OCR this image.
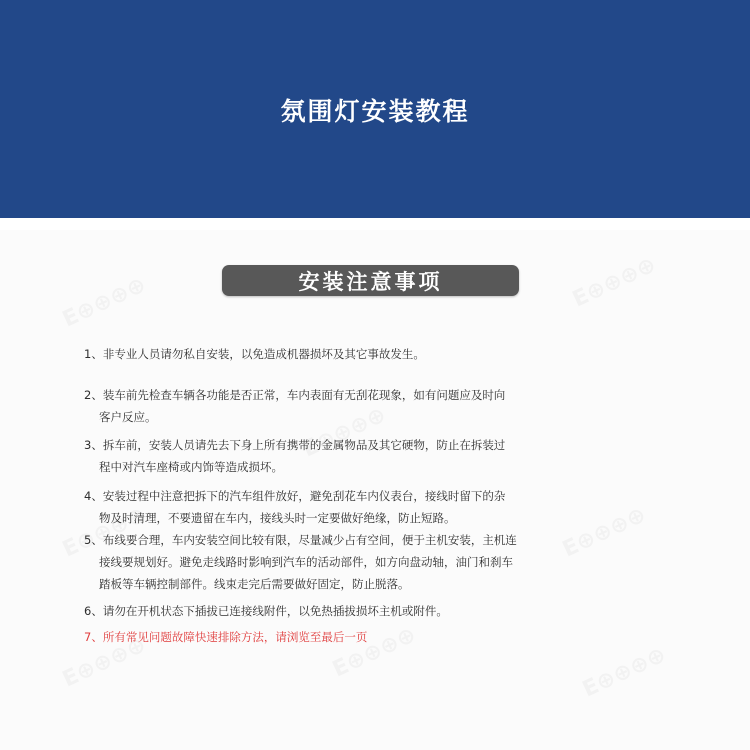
氛围灯安装教程
安装注意事项
1、非专业人员请勿私自安装，以免造成机器损坏及其它事故发生。
2、装车前先检查车辆各功能是否正常，车内表面有无刮花现象，如有问题应及时向
客户反应。
3、拆车前，安装人员请先去下身上所有携带的金属物品及其它硬物，防止在拆装过
程中对汽车座椅或内饰等造成损坏。
4、安装过程中注意把拆下的汽车组件放好，避免刮花车内仪表台，接线时留下的杂
物及时清理，不要遗留在车内，接线头时一定要做好绝缘，防止短路。
5、布线要合理，车内安装空间比较有限，尽量减少占有空间，便于主机安装，主机连
接线要规划好。避免走线路时影响到汽车的活动部件，如方向盘动轴，油门和刹车
踏板等车辆控制部件。线束走完后需要做好固定，防止脱落。
6、请勿在开机状态下插拔已连接线附件，以免热插拔损坏主机或附件。
7、所有常见问题故障快速排除方法，请浏览至最后一页
